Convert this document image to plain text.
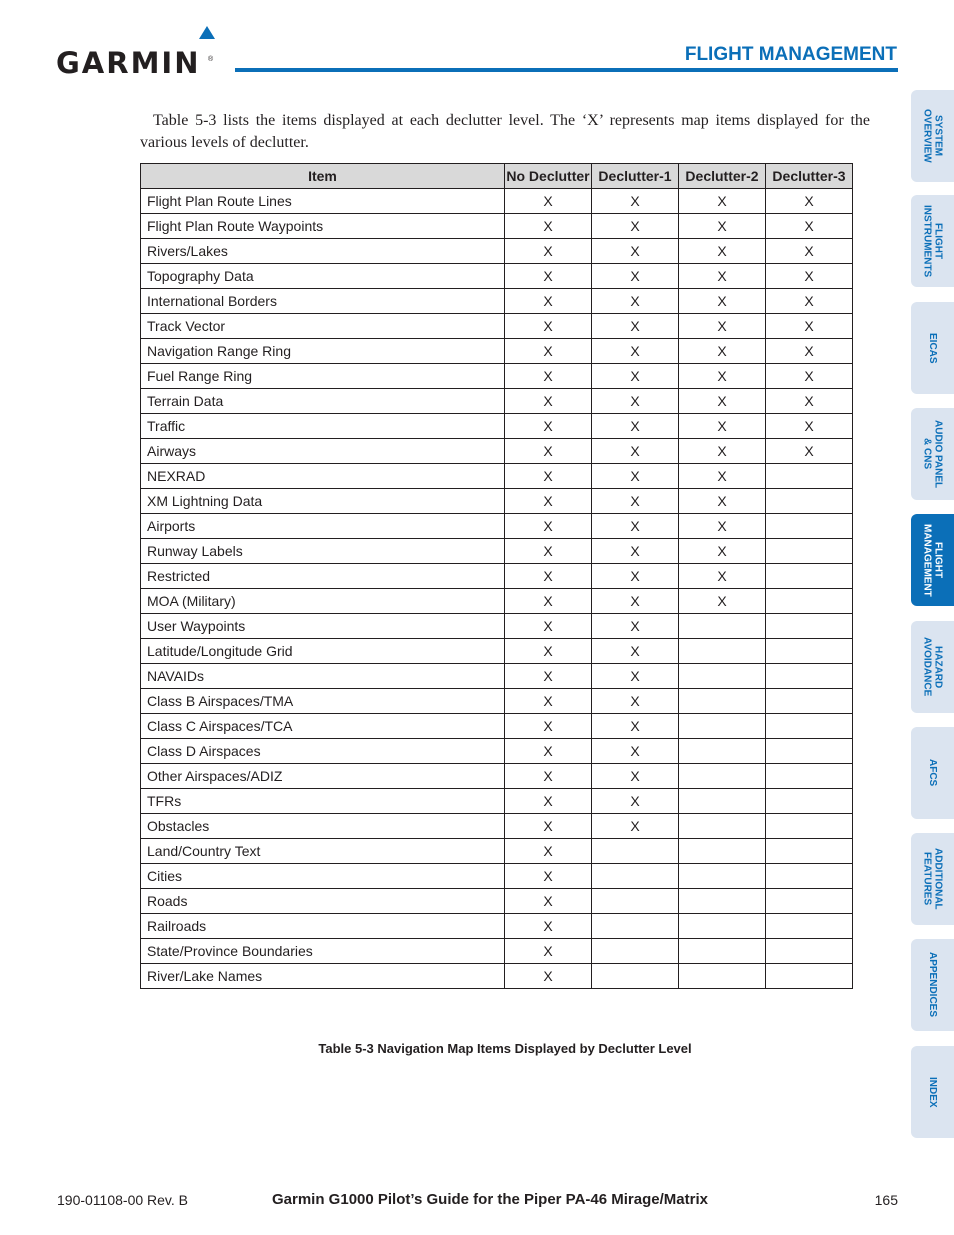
GARMIN ®	FLIGHT MANAGEMENT
Table 5-3 lists the items displayed at each declutter level. The ‘X’ represents map items displayed for the various levels of declutter.
Item	No Declutter	Declutter-1	Declutter-2	Declutter-3
Flight Plan Route Lines	X	X	X	X
Flight Plan Route Waypoints	X	X	X	X
Rivers/Lakes	X	X	X	X
Topography Data	X	X	X	X
International Borders	X	X	X	X
Track Vector	X	X	X	X
Navigation Range Ring	X	X	X	X
Fuel Range Ring	X	X	X	X
Terrain Data	X	X	X	X
Traffic	X	X	X	X
Airways	X	X	X	X
NEXRAD	X	X	X	
XM Lightning Data	X	X	X	
Airports	X	X	X	
Runway Labels	X	X	X	
Restricted	X	X	X	
MOA (Military)	X	X	X	
User Waypoints	X	X		
Latitude/Longitude Grid	X	X		
NAVAIDs	X	X		
Class B Airspaces/TMA	X	X		
Class C Airspaces/TCA	X	X		
Class D Airspaces	X	X		
Other Airspaces/ADIZ	X	X		
TFRs	X	X		
Obstacles	X	X		
Land/Country Text	X			
Cities	X			
Roads	X			
Railroads	X			
State/Province Boundaries	X			
River/Lake Names	X			
Table 5-3 Navigation Map Items Displayed by Declutter Level
190-01108-00 Rev. B	Garmin G1000 Pilot’s Guide for the Piper PA-46 Mirage/Matrix	165
SYSTEM
OVERVIEW
FLIGHT
INSTRUMENTS
EICAS
AUDIO PANEL
& CNS
FLIGHT
MANAGEMENT
HAZARD
AVOIDANCE
AFCS
ADDITIONAL
FEATURES
APPENDICES
INDEX
